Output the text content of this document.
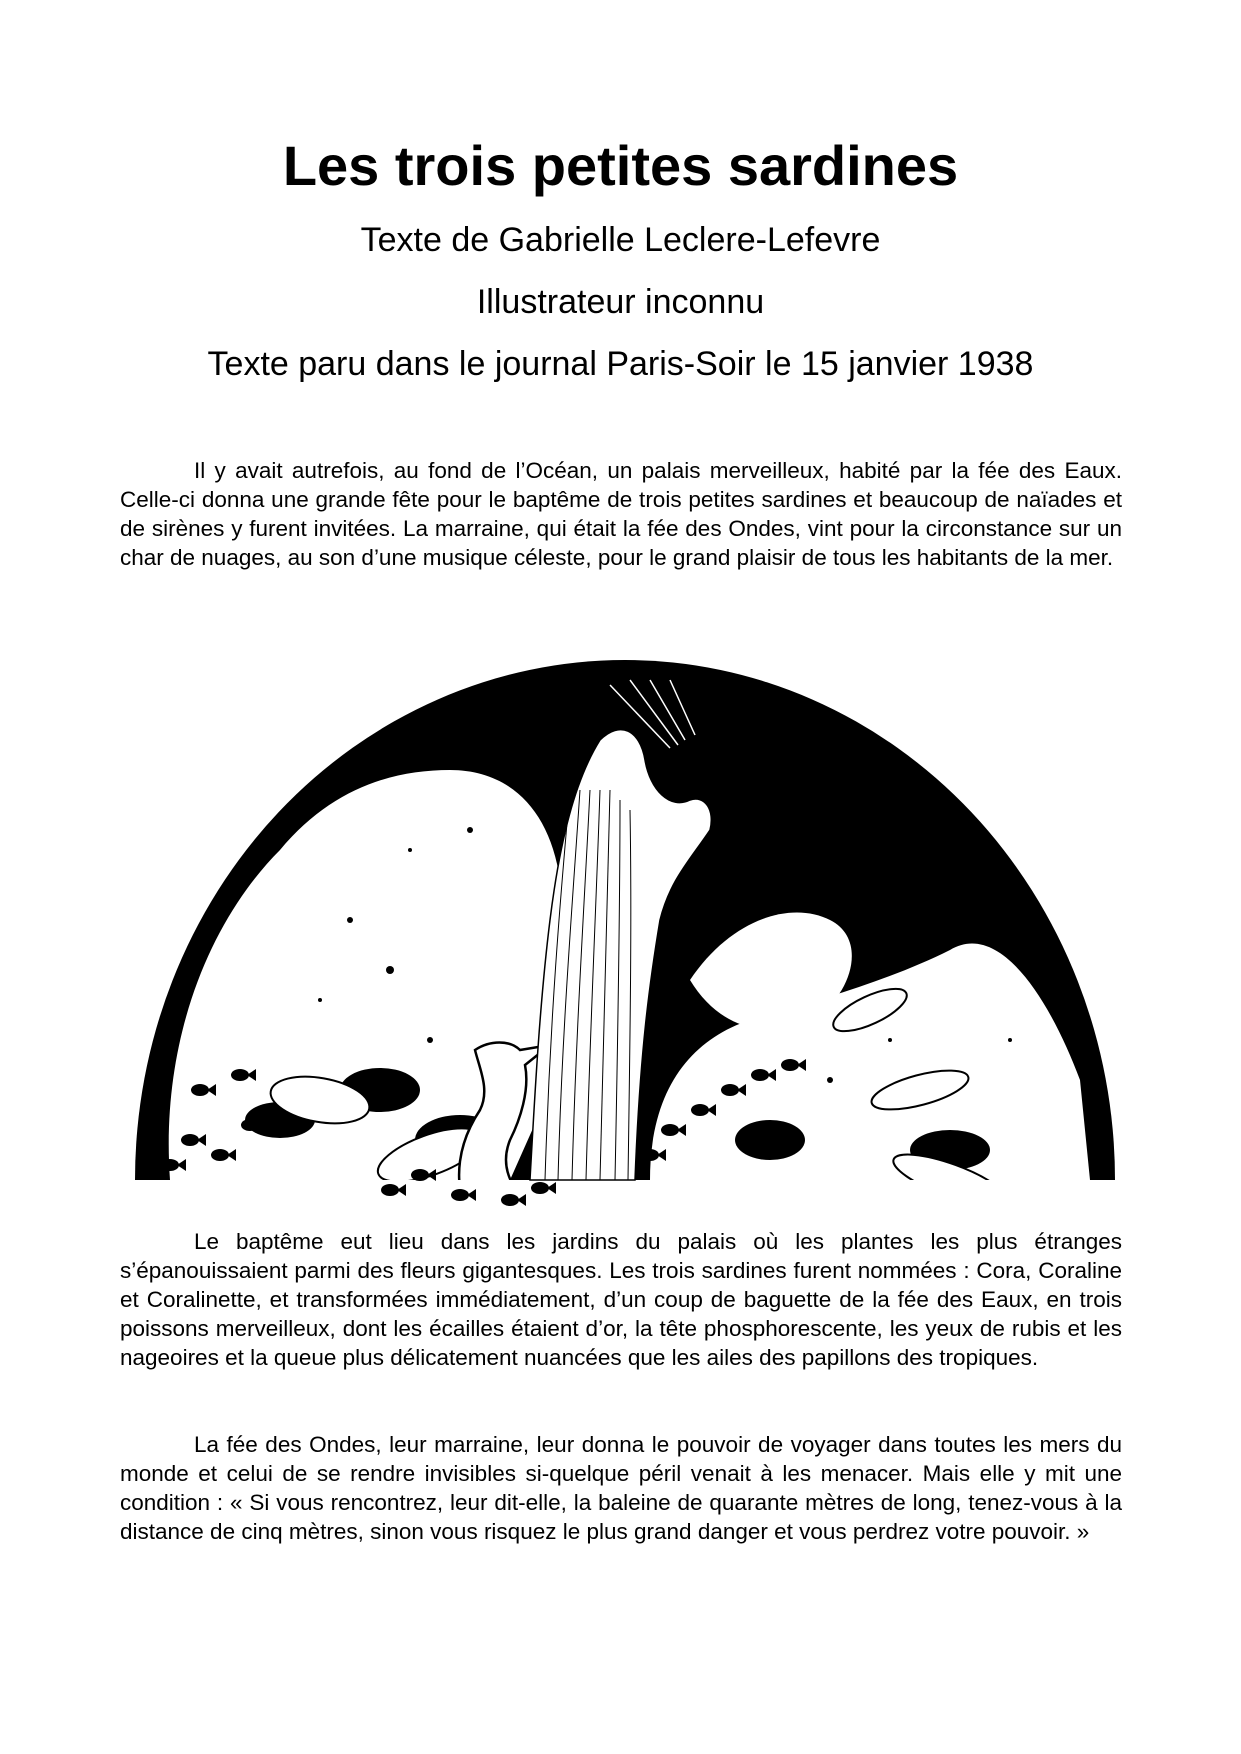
Les trois petites sardines

Texte de Gabrielle Leclere-Lefevre

Illustrateur inconnu

Texte paru dans le journal Paris-Soir le 15 janvier 1938

Il y avait autrefois, au fond de l’Océan, un palais merveilleux, habité par la fée des Eaux. Celle-ci donna une grande fête pour le baptême de trois petites sardines et beaucoup de naïades et de sirènes y furent invitées. La marraine, qui était la fée des Ondes, vint pour la circonstance sur un char de nuages, au son d’une musique céleste, pour le grand plaisir de tous les habitants de la mer.

Le baptême eut lieu dans les jardins du palais où les plantes les plus étranges s’épanouissaient parmi des fleurs gigantesques. Les trois sardines furent nommées : Cora, Coraline et Coralinette, et transformées immédiatement, d’un coup de baguette de la fée des Eaux, en trois poissons merveilleux, dont les écailles étaient d’or, la tête phosphorescente, les yeux de rubis et les nageoires et la queue plus délicatement nuancées que les ailes des papillons des tropiques.

La fée des Ondes, leur marraine, leur donna le pouvoir de voyager dans toutes les mers du monde et celui de se rendre invisibles si-quelque péril venait à les menacer. Mais elle y mit une condition : « Si vous rencontrez, leur dit-elle, la baleine de quarante mètres de long, tenez-vous à la distance de cinq mètres, sinon vous risquez le plus grand danger et vous perdrez votre pouvoir. »
